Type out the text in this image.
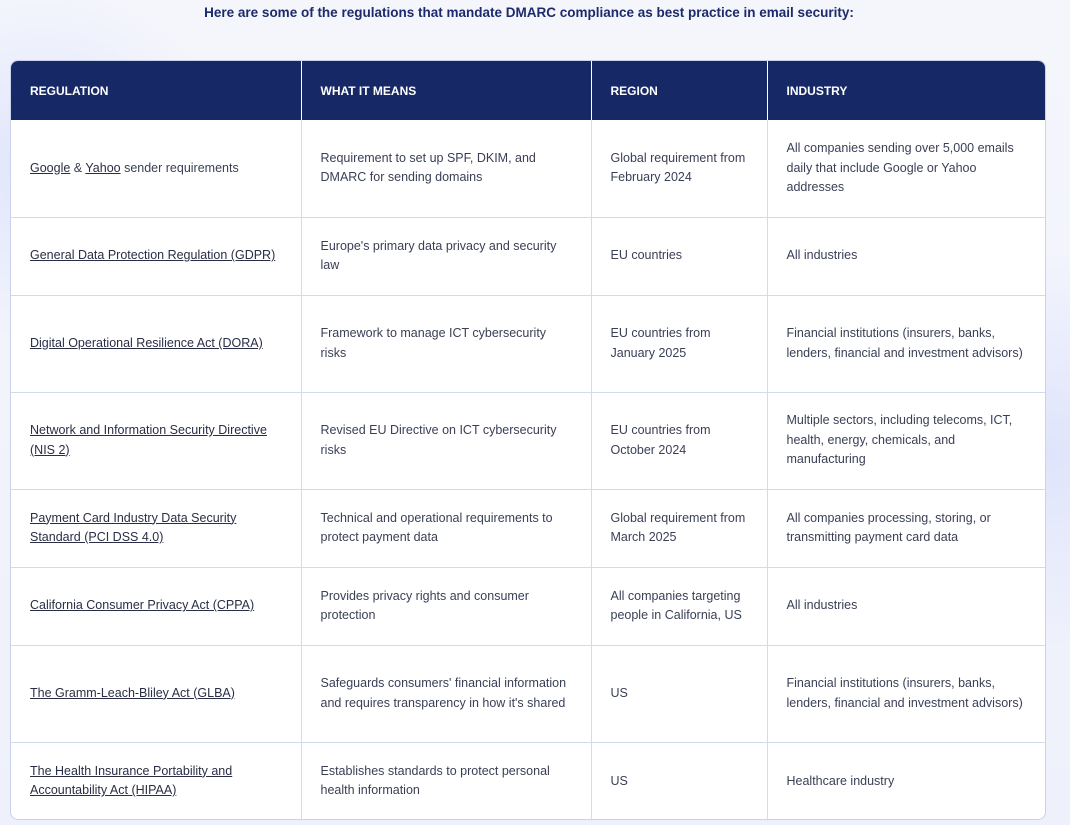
Here are some of the regulations that mandate DMARC compliance as best practice in email security:
REGULATION	WHAT IT MEANS	REGION	INDUSTRY
Google & Yahoo sender requirements	Requirement to set up SPF, DKIM, and DMARC for sending domains	Global requirement from February 2024	All companies sending over 5,000 emails daily that include Google or Yahoo addresses
General Data Protection Regulation (GDPR)	Europe's primary data privacy and security law	EU countries	All industries
Digital Operational Resilience Act (DORA)	Framework to manage ICT cybersecurity risks	EU countries from January 2025	Financial institutions (insurers, banks, lenders, financial and investment advisors)
Network and Information Security Directive (NIS 2)	Revised EU Directive on ICT cybersecurity risks	EU countries from October 2024	Multiple sectors, including telecoms, ICT, health, energy, chemicals, and manufacturing
Payment Card Industry Data Security Standard (PCI DSS 4.0)	Technical and operational requirements to protect payment data	Global requirement from March 2025	All companies processing, storing, or transmitting payment card data
California Consumer Privacy Act (CPPA)	Provides privacy rights and consumer protection	All companies targeting people in California, US	All industries
The Gramm-Leach-Bliley Act (GLBA)	Safeguards consumers' financial information and requires transparency in how it's shared	US	Financial institutions (insurers, banks, lenders, financial and investment advisors)
The Health Insurance Portability and Accountability Act (HIPAA)	Establishes standards to protect personal health information	US	Healthcare industry
